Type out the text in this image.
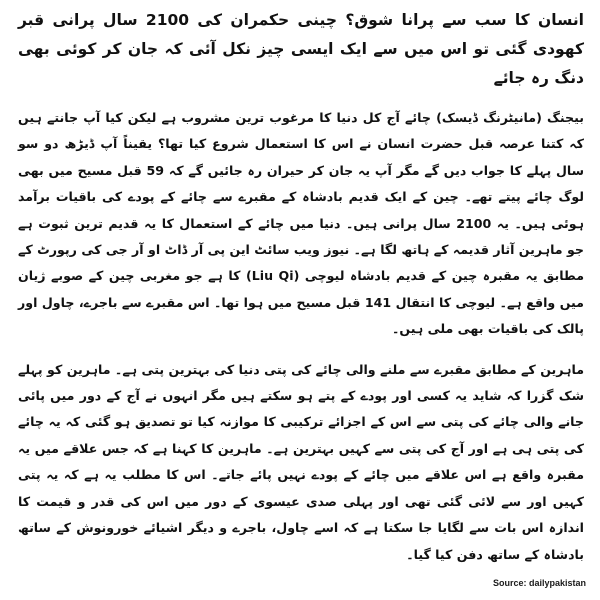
انسان کا سب سے پرانا شوق؟ چینی حکمران کی 2100 سال پرانی قبر کھودی گئی تو اس میں سے ایک ایسی چیز نکل آئی کہ جان کر کوئی بھی دنگ رہ جائے

بیجنگ (مانیٹرنگ ڈیسک) چائے آج کل دنیا کا مرغوب ترین مشروب ہے لیکن کیا آپ جانتے ہیں کہ کتنا عرصہ قبل حضرت انسان نے اس کا استعمال شروع کیا تھا؟ یقیناً آپ ڈیڑھ دو سو سال پہلے کا جواب دیں گے مگر آپ یہ جان کر حیران رہ جائیں گے کہ 59 قبل مسیح میں بھی لوگ چائے پیتے تھے۔ چین کے ایک قدیم بادشاہ کے مقبرے سے چائے کے پودے کی باقیات برآمد ہوئی ہیں۔ یہ 2100 سال پرانی ہیں۔ دنیا میں چائے کے استعمال کا یہ قدیم ترین ثبوت ہے جو ماہرین آثار قدیمہ کے ہاتھ لگا ہے۔ نیوز ویب سائٹ این پی آر ڈاٹ او آر جی کی رپورٹ کے مطابق یہ مقبرہ چین کے قدیم بادشاہ لیوچی (Liu Qi) کا ہے جو مغربی چین کے صوبے ژیان میں واقع ہے۔ لیوچی کا انتقال 141 قبل مسیح میں ہوا تھا۔ اس مقبرے سے باجرے، چاول اور پالک کی باقیات بھی ملی ہیں۔

ماہرین کے مطابق مقبرے سے ملنے والی چائے کی پتی دنیا کی بہترین پتی ہے۔ ماہرین کو پہلے شک گزرا کہ شاید یہ کسی اور پودے کے پتے ہو سکتے ہیں مگر انہوں نے آج کے دور میں پائی جانے والی چائے کی پتی سے اس کے اجزائے ترکیبی کا موازنہ کیا تو تصدیق ہو گئی کہ یہ چائے کی پتی ہی ہے اور آج کی پتی سے کہیں بہترین ہے۔ ماہرین کا کہنا ہے کہ جس علاقے میں یہ مقبرہ واقع ہے اس علاقے میں چائے کے پودے نہیں پائے جاتے۔ اس کا مطلب یہ ہے کہ یہ پتی کہیں اور سے لائی گئی تھی اور پہلی صدی عیسوی کے دور میں اس کی قدر و قیمت کا اندازہ اس بات سے لگایا جا سکتا ہے کہ اسے چاول، باجرے و دیگر اشیائے خورونوش کے ساتھ بادشاہ کے ساتھ دفن کیا گیا۔

Source: dailypakistan
